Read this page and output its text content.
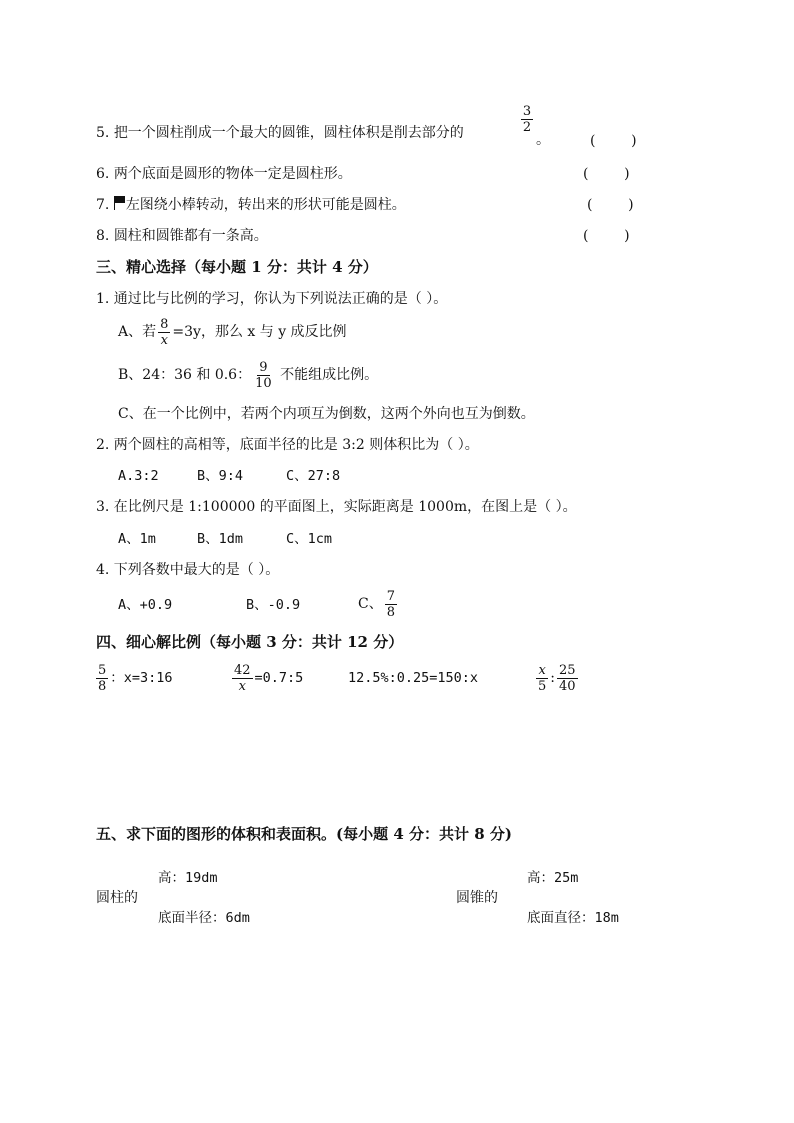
5. 把一个圆柱削成一个最大的圆锥，圆柱体积是削去部分的	$\frac{3}{2}$
。	(        )
6. 两个底面是圆形的物体一定是圆柱形。	(        )
7. 左图绕小棒转动，转出来的形状可能是圆柱。	(        )
8. 圆柱和圆锥都有一条高。	(        )
三、精心选择（每小题 1 分：共计 4 分）
1. 通过比与比例的学习，你认为下列说法正确的是（ ）。
A、若 $\frac{8}{x} =3y$，那么 x 与 y 成反比例
B、24：36 和 0.6： $\frac{9}{10}$ 不能组成比例。
C、在一个比例中，若两个内项互为倒数，这两个外向也互为倒数。
2. 两个圆柱的高相等，底面半径的比是 3:2 则体积比为（ ）。
A.3:2	B、9:4	C、27:8
3. 在比例尺是 1:100000 的平面图上，实际距离是 1000m，在图上是（ ）。
A、1m	B、1dm	C、1cm
4. 下列各数中最大的是（ ）。
A、+0.9	B、-0.9	C、 $\frac{7}{8}$
四、细心解比例（每小题 3 分：共计 12 分）
$\frac{5}{8}$ ：x=3:16	$\frac{42}{x}$ =0.7:5	12.5%:0.25=150:x	$\frac{x}{5}$ : $\frac{25}{40}$
五、求下面的图形的体积和表面积。(每小题 4 分：共计 8 分)
高：19dm
圆柱的
底面半径：6dm
高：25m
圆锥的
底面直径：18m
